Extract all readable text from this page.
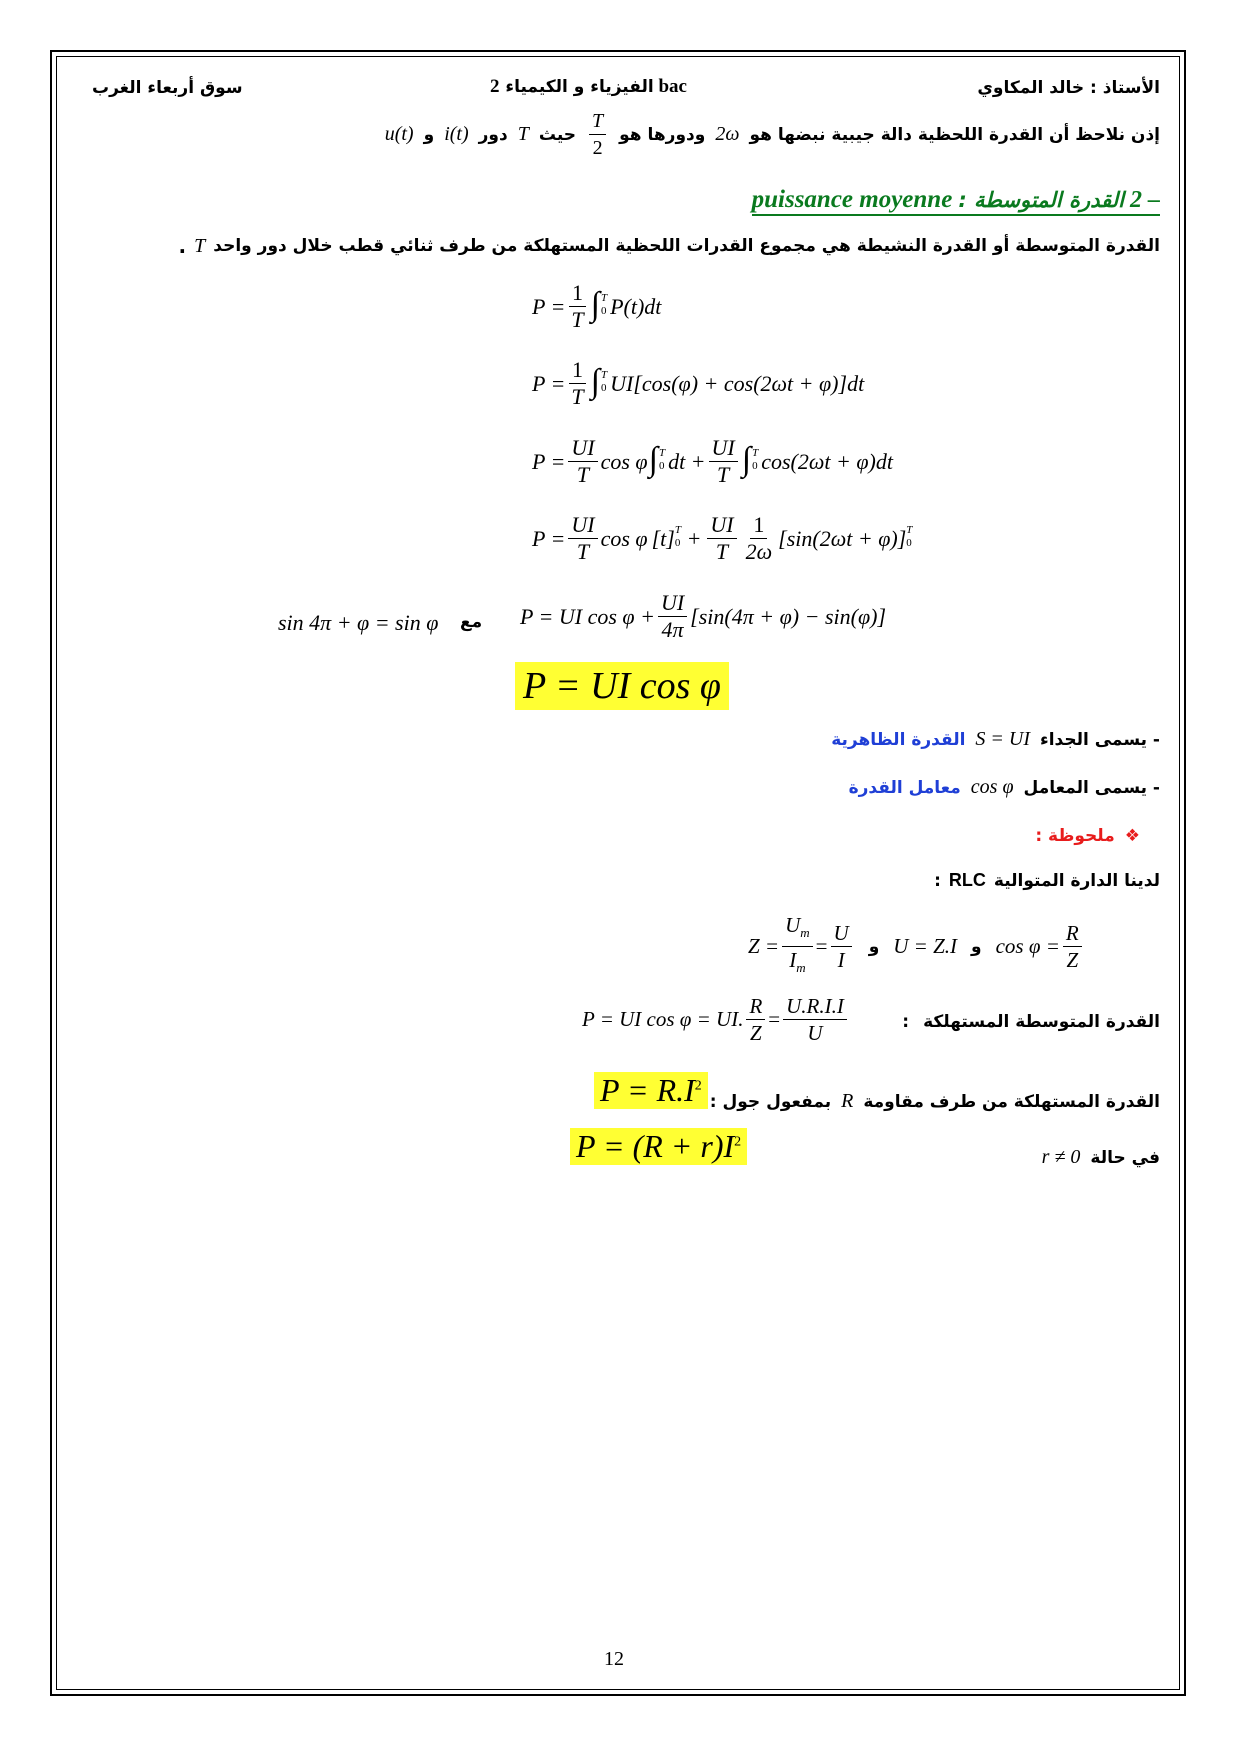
الأستاذ : خالد المكاوي
الفيزياء و الكيمياء 2 bac
سوق أربعاء الغرب
إذن نلاحظ أن القدرة اللحظية دالة جيبية نبضها هو
2ω
ودورها هو
$\frac{T}{2}$
حيث
T
دور
i(t)
و
u(t)
2 –
القدرة المتوسطة :
puissance moyenne
القدرة المتوسطة أو القدرة النشيطة هي مجموع القدرات اللحظية المستهلكة من طرف ثنائي قطب خلال دور واحد
T
.
$P = \frac{1}{T}$ ∫ T
0 P(t)dt
$P = \frac{1}{T}$ ∫ T
0 UI[cos(φ) + cos(2ωt + φ)]dt
$P = \frac{UI}{T}$ cos φ ∫ T
0 dt + $\frac{UI}{T}$ ∫ T
0 cos(2ωt + φ)dt
$P = \frac{UI}{T}$ cos φ [t] T
$0 + \frac{UI}{T} \frac{1}{2\omega} [\sin(2\omega t + \varphi)]$ T
0
P = UI $\cos \varphi + \frac{UI}{4\pi} [\sin(4\pi + \varphi) - \sin(\varphi)]$
مع
sin 4π + φ = sin φ
P = UI cos φ
- يسمى الجداء
S = UI
القدرة الظاهرية
- يسمى المعامل
cos φ
معامل القدرة
❖
ملحوظة :
لدينا الدارة المتوالية
RLC
:
$Z = \frac{U_m}{I_m} = \frac{U}{I}$ و U = Z.I و $\cos \varphi = \frac{R}{Z}$
القدرة المتوسطة المستهلكة
:
P = UI cos φ = UI. $\frac{R}{Z} = \frac{U.R.I.I}{U}$
القدرة المستهلكة من طرف مقاومة
R
بمفعول جول :
$P = R.I^2$
في حالة
r ≠ 0
$P = (R + r)I^2$
12
